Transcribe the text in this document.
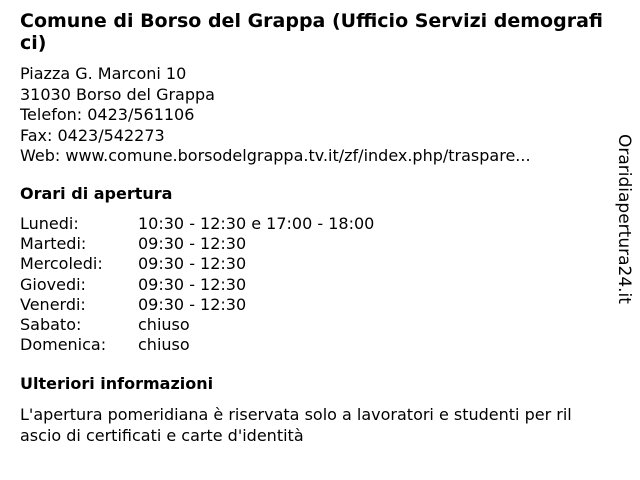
Comune di Borso del Grappa (Ufficio Servizi demografici)
Piazza G. Marconi 10
31030 Borso del Grappa
Telefon: 0423/561106
Fax: 0423/542273
Web: www.comune.borsodelgrappa.tv.it/zf/index.php/traspare...
Orari di apertura
Lunedi:	10:30 - 12:30 e 17:00 - 18:00
Martedi:	09:30 - 12:30
Mercoledi:	09:30 - 12:30
Giovedi:	09:30 - 12:30
Venerdi:	09:30 - 12:30
Sabato:	chiuso
Domenica:	chiuso
Ulteriori informazioni
L'apertura pomeridiana è riservata solo a lavoratori e studenti per rilascio di certificati e carte d'identità
Oraridiapertura24.it
